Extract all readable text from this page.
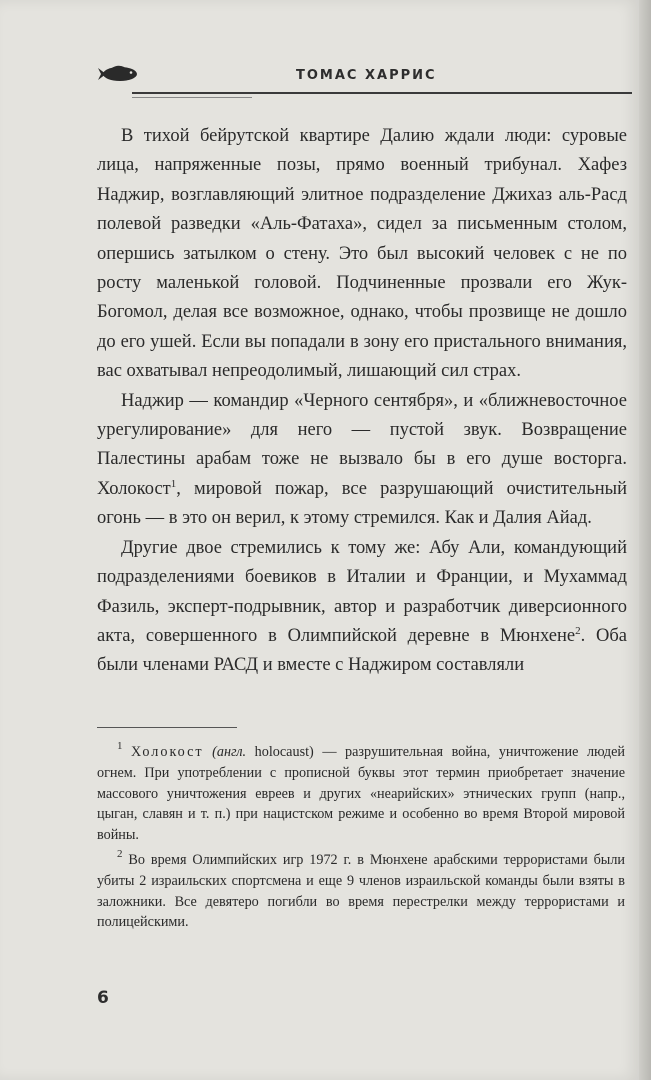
ТОМАС ХАРРИС

В тихой бейрутской квартире Далию ждали люди: суровые лица, напряженные позы, прямо военный трибунал. Хафез Наджир, возглавляющий элитное подразделение Джихаз аль-Расд полевой разведки «Аль-Фатаха», сидел за письменным столом, опершись затылком о стену. Это был высокий человек с не по росту маленькой головой. Подчиненные прозвали его Жук-Богомол, делая все возможное, однако, чтобы прозвище не дошло до его ушей. Если вы попадали в зону его пристального внимания, вас охватывал непреодолимый, лишающий сил страх.

Наджир — командир «Черного сентября», и «ближневосточное урегулирование» для него — пустой звук. Возвращение Палестины арабам тоже не вызвало бы в его душе восторга. Холокост$^1$, мировой пожар, все разрушающий очистительный огонь — в это он верил, к этому стремился. Как и Далия Айад.

Другие двое стремились к тому же: Абу Али, командующий подразделениями боевиков в Италии и Франции, и Мухаммад Фазиль, эксперт-подрывник, автор и разработчик диверсионного акта, совершенного в Олимпийской деревне в Мюнхене$^2$. Оба были членами РАСД и вместе с Наджиром составляли

$^1$ Холокост (англ. holocaust) — разрушительная война, уничтожение людей огнем. При употреблении с прописной буквы этот термин приобретает значение массового уничтожения евреев и других «неарийских» этнических групп (напр., цыган, славян и т. п.) при нацистском режиме и особенно во время Второй мировой войны.

$^2$ Во время Олимпийских игр 1972 г. в Мюнхене арабскими террористами были убиты 2 израильских спортсмена и еще 9 членов израильской команды были взяты в заложники. Все девятеро погибли во время перестрелки между террористами и полицейскими.

6
